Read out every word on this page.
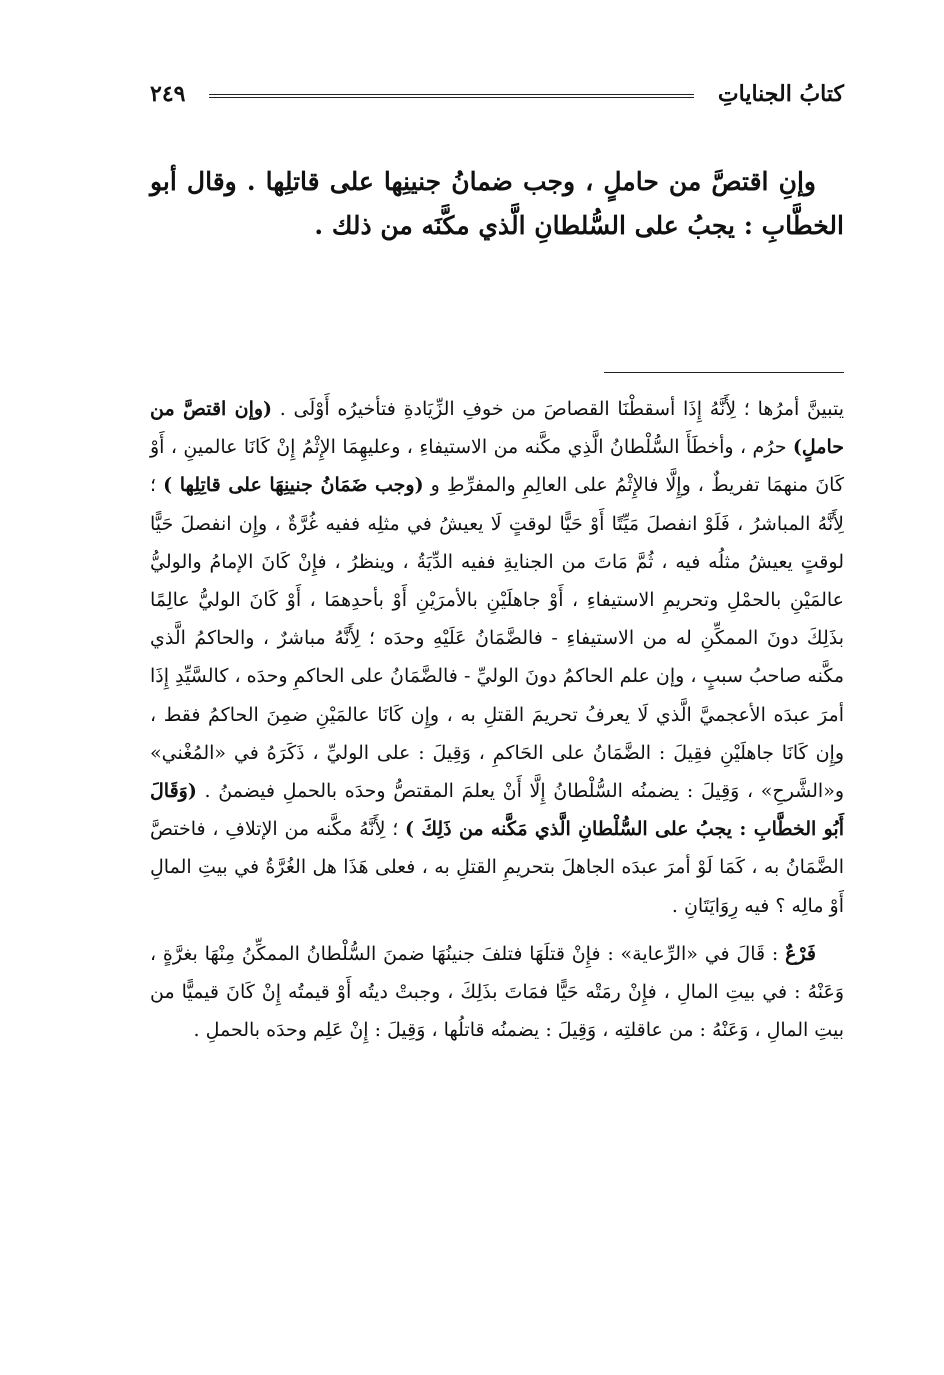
كتابُ الجناياتِ
٢٤٩
وإنِ اقتصَّ من حاملٍ ، وجب ضمانُ جنينِها على قاتلِها . وقال أبو الخطَّابِ : يجبُ على السُّلطانِ الَّذي مكَّنَه من ذلك .

يتبينَّ أمرُها ؛ لِأَنَّهُ إِذَا أسقطْنَا القصاصَ من خوفِ الزِّيَادةِ فتأخيرُه أَوْلَى . (وإن اقتصَّ من حاملٍ) حرُم ، وأخطَأَ السُّلْطانُ الَّذِي مكَّنه من الاستيفاءِ ، وعليهِمَا الإِثْمُ إِنْ كَانَا عالمينِ ، أَوْ كَانَ منهمَا تفريطٌ ، وإِلَّا فالإِثْمُ على العالِمِ والمفرِّطِ و (وجب ضَمَانُ جنينِهَا على قاتِلِها ) ؛ لِأَنَّهُ المباشرُ ، فَلَوْ انفصلَ مَيِّتًا أَوْ حَيًّا لوقتٍ لَا يعيشُ في مثلِه ففيه غُرَّةٌ ، وإِن انفصلَ حَيًّا لوقتٍ يعيشُ مثلُه فيه ، ثُمَّ مَاتَ من الجنايةِ ففيه الدِّيَةُ ، وينظرُ ، فإِنْ كَانَ الإمامُ والوليُّ عالمَيْنِ بالحمْلِ وتحريمِ الاستيفاءِ ، أَوْ جاهلَيْنِ بالأمرَيْنِ أَوْ بأحدِهمَا ، أَوْ كَانَ الوليُّ عالِمًا بذَلِكَ دونَ الممكِّنِ له من الاستيفاءِ - فالضَّمَانُ عَلَيْهِ وحدَه ؛ لِأَنَّهُ مباشرٌ ، والحاكمُ الَّذي مكَّنه صاحبُ سببٍ ، وإن علم الحاكمُ دونَ الوليِّ - فالضَّمَانُ على الحاكمِ وحدَه ، كالسَّيِّدِ إِذَا أمرَ عبدَه الأعجميَّ الَّذي لَا يعرفُ تحريمَ القتلِ به ، وإِن كَانَا عالمَيْنِ ضمِنَ الحاكمُ فقط ، وإِن كَانَا جاهلَيْنِ فقِيلَ : الضَّمَانُ على الحَاكمِ ، وَقِيلَ : على الوليِّ ، ذَكَرَهُ في «المُغْني» و«الشَّرحِ» ، وَقِيلَ : يضمنُه السُّلْطانُ إِلَّا أَنْ يعلمَ المقتصُّ وحدَه بالحملِ فيضمنُ . (وَقَالَ أَبُو الخطَّابِ : يجبُ على السُّلْطانِ الَّذي مَكَّنه من ذَلِكَ ) ؛ لِأَنَّهُ مكَّنه من الإتلافِ ، فاختصَّ الضَّمَانُ به ، كَمَا لَوْ أمرَ عبدَه الجاهلَ بتحريمِ القتلِ به ، فعلى هَذَا هل الغُرَّةُ في بيتِ المالِ أَوْ مالِه ؟ فيه رِوَايَتَانِ .

فَرْعٌ : قَالَ في «الرِّعاية» : فإِنْ قتلَهَا فتلفَ جنينُهَا ضمنَ السُّلْطانُ الممكِّنُ مِنْهَا بغرَّةٍ ، وَعَنْهُ : في بيتِ المالِ ، فإِنْ رمَتْه حَيًّا فمَاتَ بذَلِكَ ، وجبتْ ديتُه أَوْ قيمتُه إِنْ كَانَ قيميًّا من بيتِ المالِ ، وَعَنْهُ : من عاقلتِه ، وَقِيلَ : يضمنُه قاتلُها ، وَقِيلَ : إِنْ عَلِم وحدَه بالحملِ .
